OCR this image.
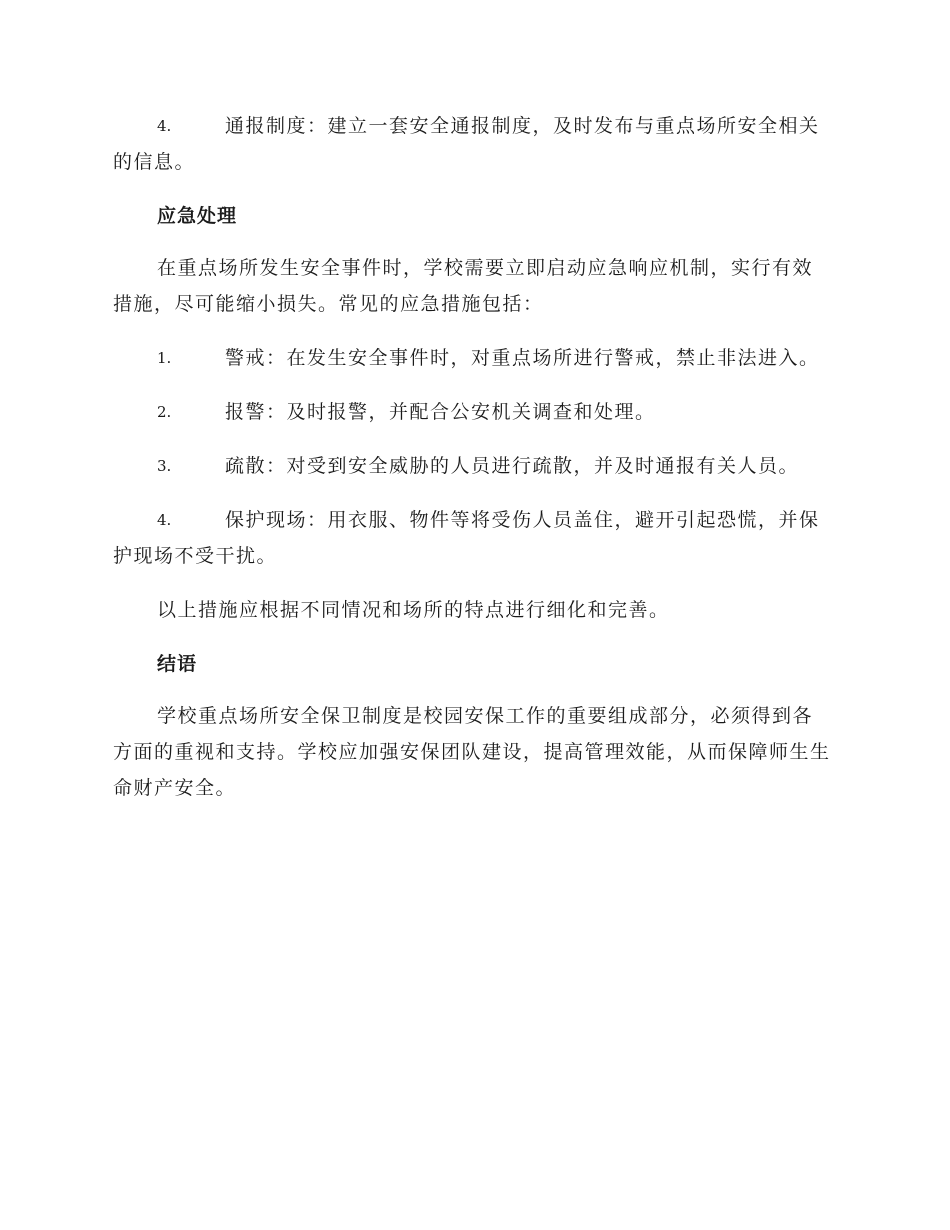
4.	通报制度：建立一套安全通报制度，及时发布与重点场所安全相关的信息。

应急处理

在重点场所发生安全事件时，学校需要立即启动应急响应机制，实行有效措施，尽可能缩小损失。常见的应急措施包括：

1.	警戒：在发生安全事件时，对重点场所进行警戒，禁止非法进入。

2.	报警：及时报警，并配合公安机关调查和处理。

3.	疏散：对受到安全威胁的人员进行疏散，并及时通报有关人员。

4.	保护现场：用衣服、物件等将受伤人员盖住，避开引起恐慌，并保护现场不受干扰。

以上措施应根据不同情况和场所的特点进行细化和完善。

结语

学校重点场所安全保卫制度是校园安保工作的重要组成部分，必须得到各方面的重视和支持。学校应加强安保团队建设，提高管理效能，从而保障师生生命财产安全。
